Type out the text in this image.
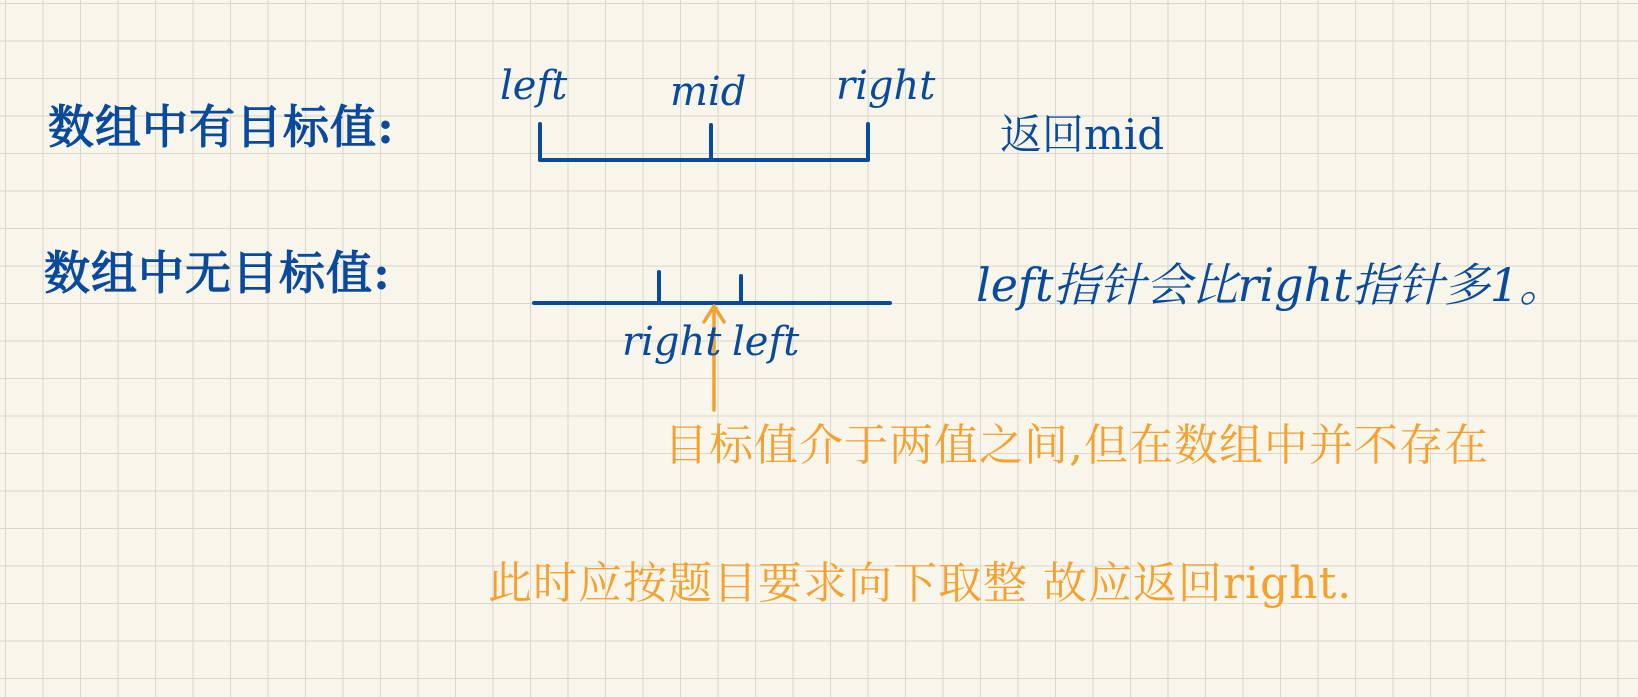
数组中有目标值:
left	mid right
返回mid
数组中无目标值:
right left
left指针会比right指针多1。
目标值介于两值之间,但在数组中并不存在
此时应按题目要求向下取整 故应返回right.
